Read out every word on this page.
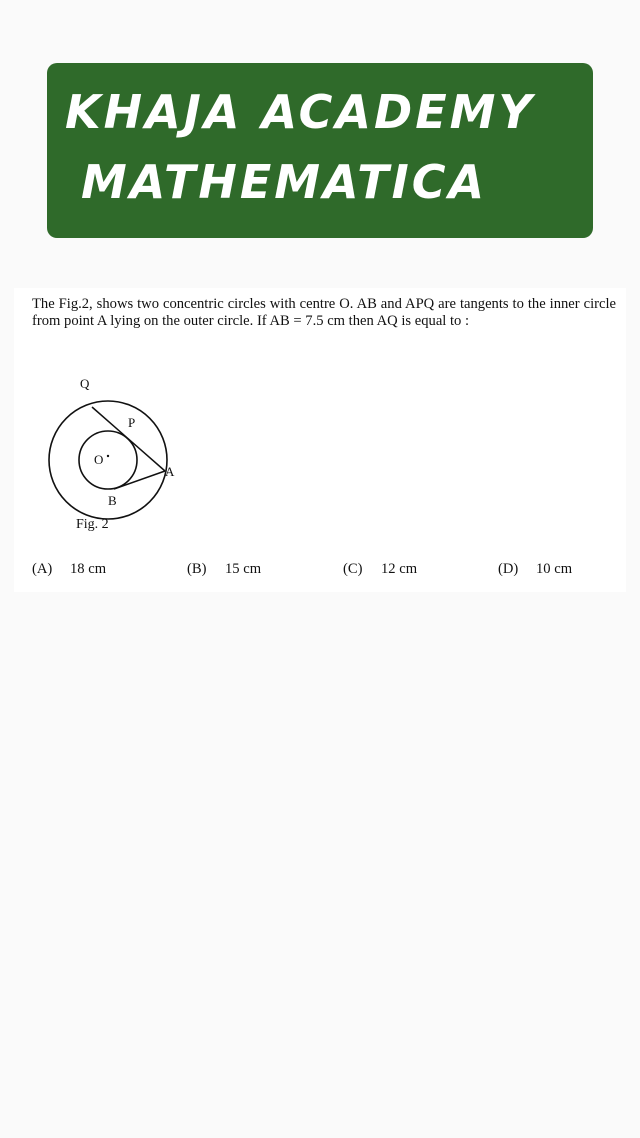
KHAJA ACADEMY
MATHEMATICA

The Fig.2, shows two concentric circles with centre O. AB and APQ are tangents to the inner circle from point A lying on the outer circle. If AB = 7.5 cm then AQ is equal to :

Q
P
O
A
B
Fig. 2
(A) 18 cm	(B) 15 cm	(C) 12 cm	(D) 10 cm
